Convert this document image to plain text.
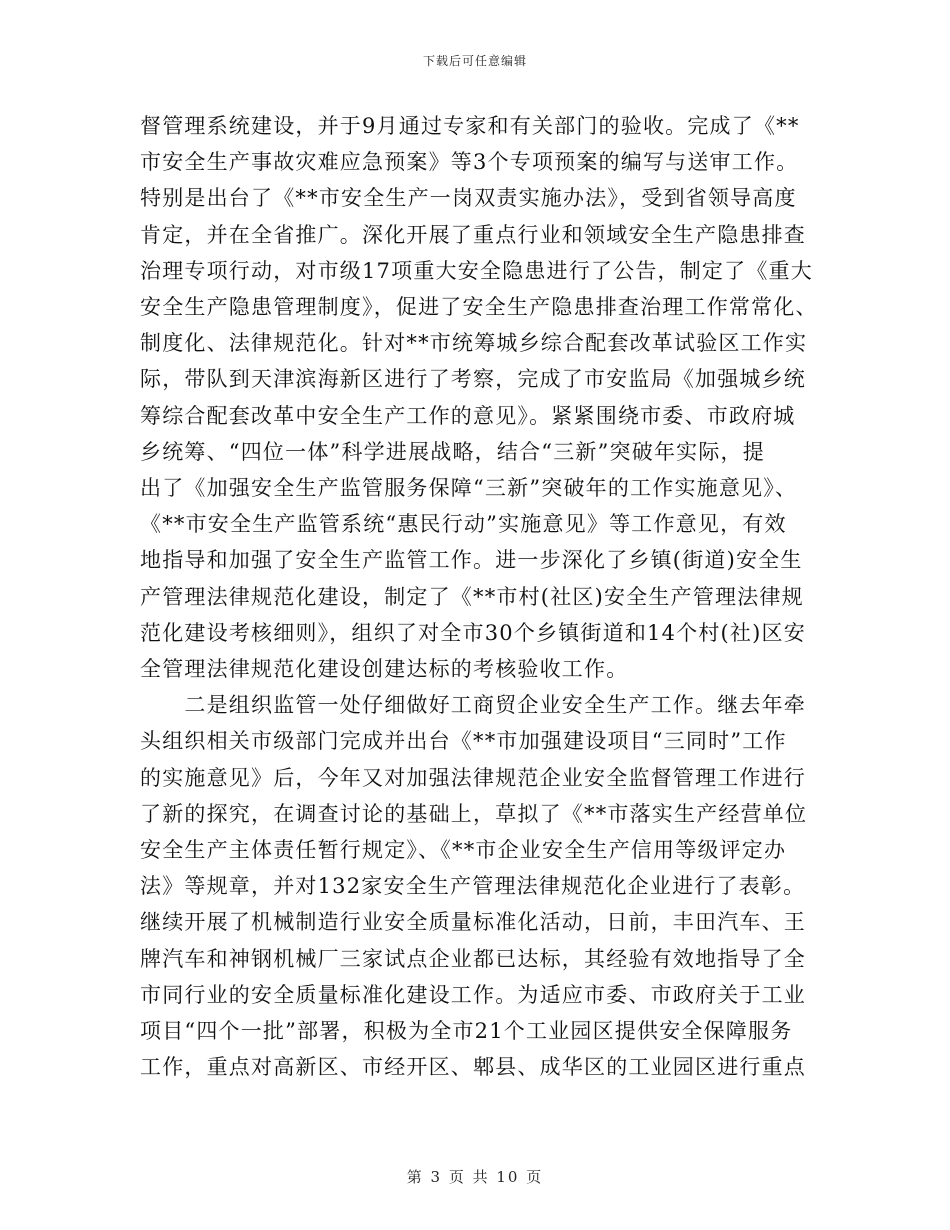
下载后可任意编辑

督管理系统建设，并于9月通过专家和有关部门的验收。完成了《**
市安全生产事故灾难应急预案》等3个专项预案的编写与送审工作。
特别是出台了《**市安全生产一岗双责实施办法》，受到省领导高度
肯定，并在全省推广。深化开展了重点行业和领域安全生产隐患排查
治理专项行动，对市级17项重大安全隐患进行了公告，制定了《重大
安全生产隐患管理制度》，促进了安全生产隐患排查治理工作常常化、
制度化、法律规范化。针对**市统筹城乡综合配套改革试验区工作实
际，带队到天津滨海新区进行了考察，完成了市安监局《加强城乡统
筹综合配套改革中安全生产工作的意见》。紧紧围绕市委、市政府城
乡统筹、“四位一体”科学进展战略，结合“三新”突破年实际，提
出了《加强安全生产监管服务保障“三新”突破年的工作实施意见》、
《**市安全生产监管系统“惠民行动”实施意见》等工作意见，有效
地指导和加强了安全生产监管工作。进一步深化了乡镇(街道)安全生
产管理法律规范化建设，制定了《**市村(社区)安全生产管理法律规
范化建设考核细则》，组织了对全市30个乡镇街道和14个村(社)区安
全管理法律规范化建设创建达标的考核验收工作。
　　二是组织监管一处仔细做好工商贸企业安全生产工作。继去年牵
头组织相关市级部门完成并出台《**市加强建设项目“三同时”工作
的实施意见》后，今年又对加强法律规范企业安全监督管理工作进行
了新的探究，在调查讨论的基础上，草拟了《**市落实生产经营单位
安全生产主体责任暂行规定》、《**市企业安全生产信用等级评定办
法》等规章，并对132家安全生产管理法律规范化企业进行了表彰。
继续开展了机械制造行业安全质量标准化活动，日前，丰田汽车、王
牌汽车和神钢机械厂三家试点企业都已达标，其经验有效地指导了全
市同行业的安全质量标准化建设工作。为适应市委、市政府关于工业
项目“四个一批”部署，积极为全市21个工业园区提供安全保障服务
工作，重点对高新区、市经开区、郫县、成华区的工业园区进行重点

第 3 页 共 10 页
